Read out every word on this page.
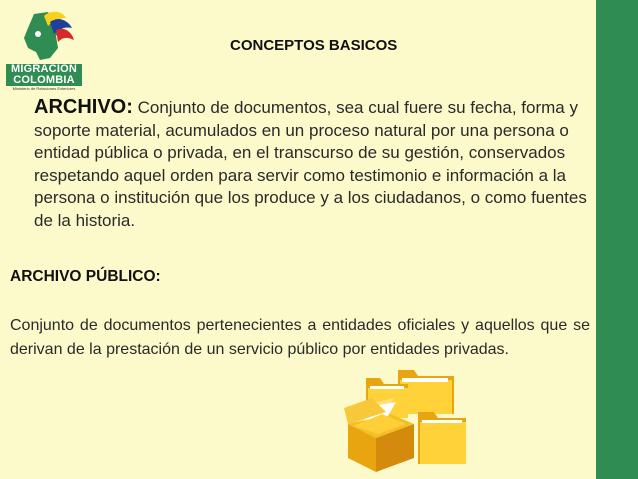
MIGRACIÓN
COLOMBIA
Ministerio de Relaciones Exteriores
CONCEPTOS BASICOS
ARCHIVO: Conjunto de documentos, sea cual fuere su fecha, forma y soporte material, acumulados en un proceso natural por una persona o entidad pública o privada, en el transcurso de su gestión, conservados respetando aquel orden para servir como testimonio e información a la persona o institución que los produce y a los ciudadanos, o como fuentes de la historia.
ARCHIVO PÚBLICO:
Conjunto de documentos pertenecientes a entidades oficiales y aquellos que se derivan de la prestación de un servicio público por entidades privadas.
